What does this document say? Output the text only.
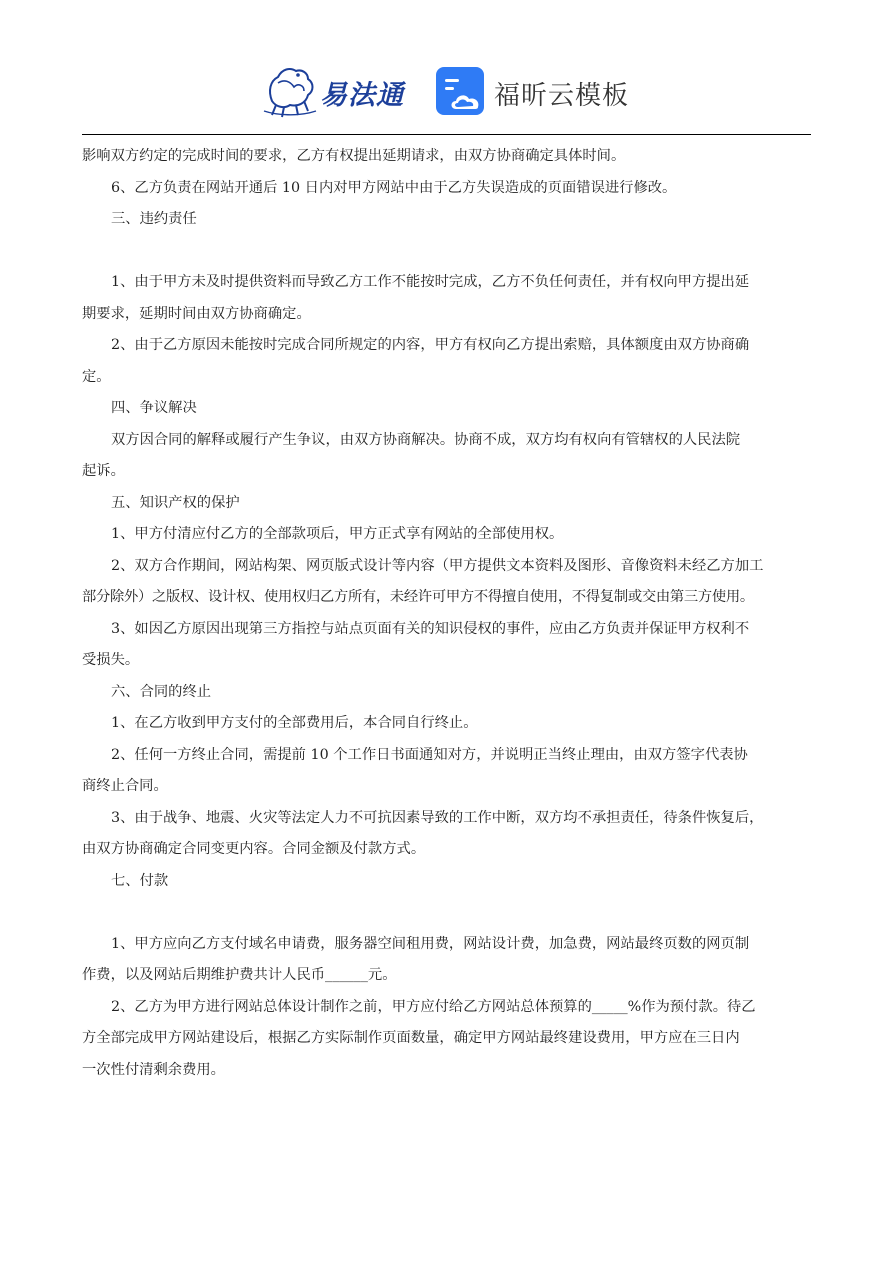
易法通	福昕云模板

影响双方约定的完成时间的要求，乙方有权提出延期请求，由双方协商确定具体时间。

6、乙方负责在网站开通后 10 日内对甲方网站中由于乙方失误造成的页面错误进行修改。

三、违约责任

1、由于甲方未及时提供资料而导致乙方工作不能按时完成，乙方不负任何责任，并有权向甲方提出延

期要求，延期时间由双方协商确定。

2、由于乙方原因未能按时完成合同所规定的内容，甲方有权向乙方提出索赔，具体额度由双方协商确

定。

四、争议解决

双方因合同的解释或履行产生争议，由双方协商解决。协商不成，双方均有权向有管辖权的人民法院

起诉。

五、知识产权的保护

1、甲方付清应付乙方的全部款项后，甲方正式享有网站的全部使用权。

2、双方合作期间，网站构架、网页版式设计等内容（甲方提供文本资料及图形、音像资料未经乙方加工

部分除外）之版权、设计权、使用权归乙方所有，未经许可甲方不得擅自使用，不得复制或交由第三方使用。

3、如因乙方原因出现第三方指控与站点页面有关的知识侵权的事件，应由乙方负责并保证甲方权利不

受损失。

六、合同的终止

1、在乙方收到甲方支付的全部费用后，本合同自行终止。

2、任何一方终止合同，需提前 10 个工作日书面通知对方，并说明正当终止理由，由双方签字代表协

商终止合同。

3、由于战争、地震、火灾等法定人力不可抗因素导致的工作中断，双方均不承担责任，待条件恢复后，

由双方协商确定合同变更内容。合同金额及付款方式。

七、付款

1、甲方应向乙方支付域名申请费，服务器空间租用费，网站设计费，加急费，网站最终页数的网页制

作费，以及网站后期维护费共计人民币______元。

2、乙方为甲方进行网站总体设计制作之前，甲方应付给乙方网站总体预算的_____%作为预付款。待乙

方全部完成甲方网站建设后，根据乙方实际制作页面数量，确定甲方网站最终建设费用，甲方应在三日内

一次性付清剩余费用。
